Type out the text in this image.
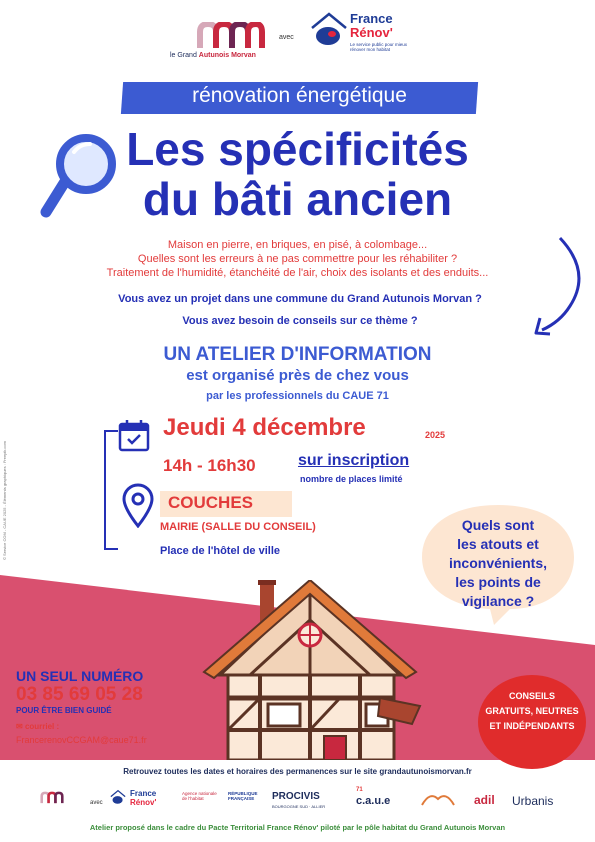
le Grand Autunois Morvan
avec
France
Rénov'
Le service public pour mieux rénover mon habitat
rénovation énergétique
Les spécificités
du bâti ancien
Maison en pierre, en briques, en pisé, à colombage...
Quelles sont les erreurs à ne pas commettre pour les réhabiliter ?
Traitement de l'humidité, étanchéité de l'air, choix des isolants et des enduits...
Vous avez un projet dans une commune du Grand Autunois Morvan ?
Vous avez besoin de conseils sur ce thème ?
UN ATELIER D'INFORMATION
est organisé près de chez vous
par les professionnels du CAUE 71
Jeudi 4 décembre	2025
14h - 16h30	sur inscription
nombre de places limité
COUCHES
MAIRIE (SALLE DU CONSEIL)
Place de l'hôtel de ville
Quels sont
les atouts et
inconvénients,
les points de
vigilance ?
UN SEUL NUMÉRO
03 85 69 05 28
POUR ÊTRE BIEN GUIDÉ
✉ courriel :
FrancerenovCCGAM@caue71.fr
CONSEILS
GRATUITS, NEUTRES
ET INDÉPENDANTS
Retrouvez toutes les dates et horaires des permanences sur le site grandautunoismorvan.fr
avec
France
Rénov'
Agence nationale de l'habitat
RÉPUBLIQUE FRANÇAISE	PROCIVIS
BOURGOGNE SUD · ALLIER
71
c.a.u.e	adil Urbanis
Atelier proposé dans le cadre du Pacte Territorial France Rénov' piloté par le pôle habitat du Grand Autunois Morvan
© Service COM - CAUE 2025 - Éléments graphiques : Freepik.com
